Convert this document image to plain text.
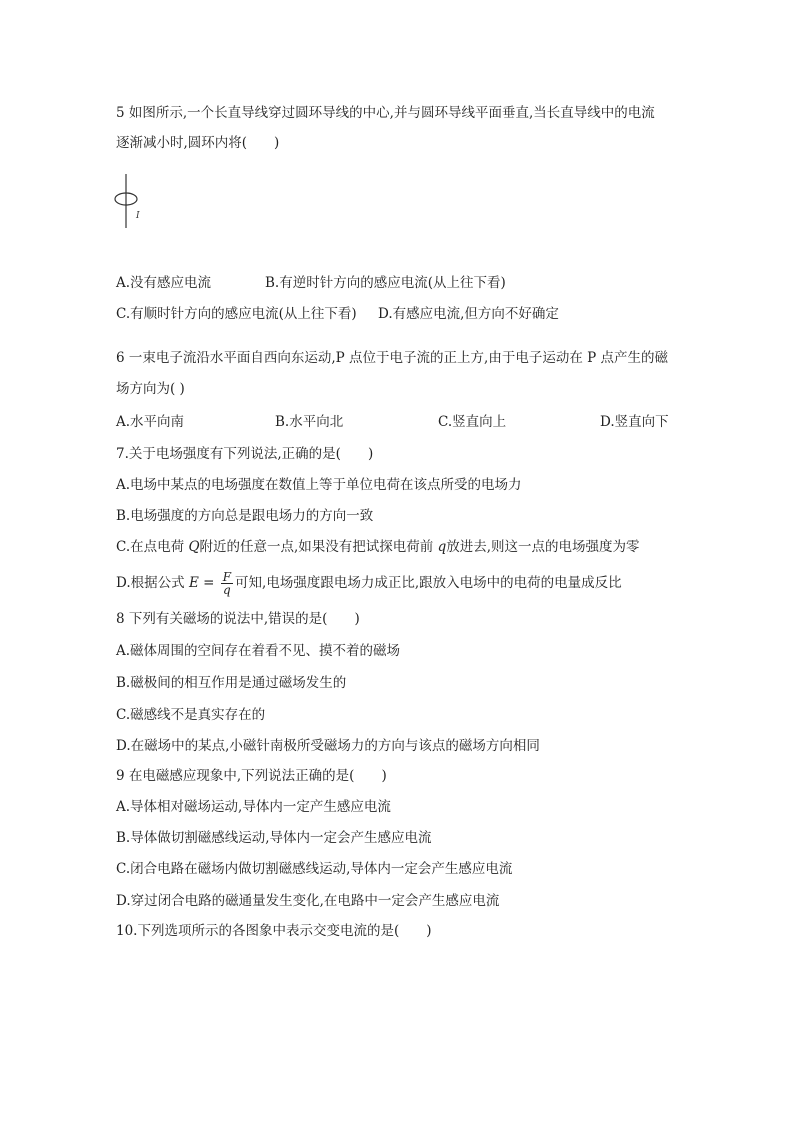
5 如图所示,一个长直导线穿过圆环导线的中心,并与圆环导线平面垂直,当长直导线中的电流
逐渐减小时,圆环内将(　　)
I
A.没有感应电流	B.有逆时针方向的感应电流(从上往下看)
C.有顺时针方向的感应电流(从上往下看) D.有感应电流,但方向不好确定
6 一束电子流沿水平面自西向东运动,P 点位于电子流的正上方,由于电子运动在 P 点产生的磁
场方向为( )
A.水平向南	B.水平向北	C.竖直向上	D.竖直向下
7.关于电场强度有下列说法,正确的是(　　)
A.电场中某点的电场强度在数值上等于单位电荷在该点所受的电场力
B.电场强度的方向总是跟电场力的方向一致
C.在点电荷 Q附近的任意一点,如果没有把试探电荷前 q放进去,则这一点的电场强度为零
D.根据公式 $E = \frac{F}{q}$ 可知,电场强度跟电场力成正比,跟放入电场中的电荷的电量成反比
8 下列有关磁场的说法中,错误的是(　　)
A.磁体周围的空间存在着看不见、摸不着的磁场
B.磁极间的相互作用是通过磁场发生的
C.磁感线不是真实存在的
D.在磁场中的某点,小磁针南极所受磁场力的方向与该点的磁场方向相同
9 在电磁感应现象中,下列说法正确的是(　　)
A.导体相对磁场运动,导体内一定产生感应电流
B.导体做切割磁感线运动,导体内一定会产生感应电流
C.闭合电路在磁场内做切割磁感线运动,导体内一定会产生感应电流
D.穿过闭合电路的磁通量发生变化,在电路中一定会产生感应电流
10.下列选项所示的各图象中表示交变电流的是(　　)
